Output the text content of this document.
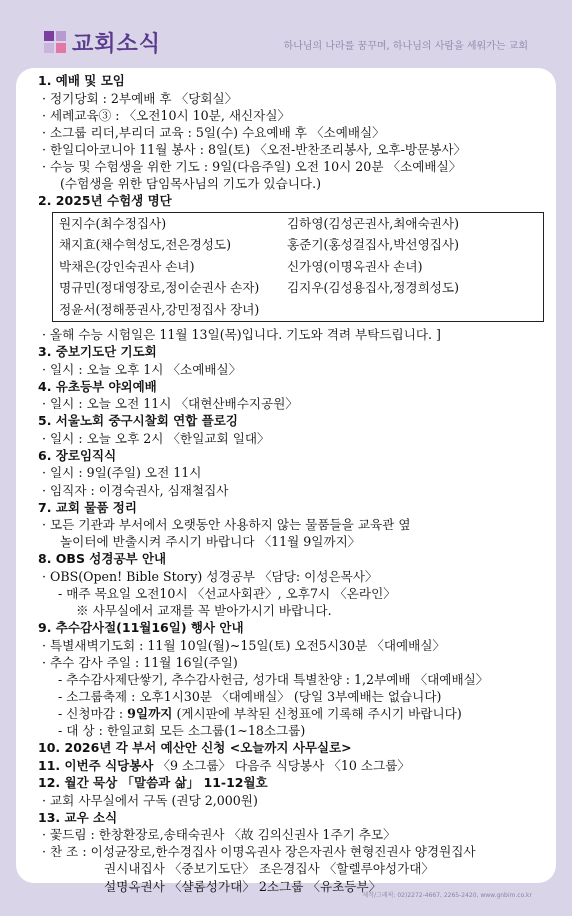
교회소식	하나님의 나라를 꿈꾸며, 하나님의 사람을 세워가는 교회
1. 예배 및 모임
· 정기당회 : 2부예배 후 〈당회실〉
· 세례교육③ : 〈오전10시 10분, 새신자실〉
· 소그룹 리더,부리더 교육 : 5일(수) 수요예배 후 〈소예배실〉
· 한일디아코니아 11월 봉사 : 8일(토) 〈오전-반찬조리봉사, 오후-방문봉사〉
· 수능 및 수험생을 위한 기도 : 9일(다음주일) 오전 10시 20분 〈소예배실〉
(수험생을 위한 담임목사님의 기도가 있습니다.)
2. 2025년 수험생 명단
원지수(최수정집사)	김하영(김성곤권사,최애숙권사)
채지효(채수혁성도,전은경성도)	홍준기(홍성걸집사,박선영집사)
박채은(강인숙권사 손녀)	신가영(이명옥권사 손녀)
명규민(정대영장로,정이순권사 손자)	김지우(김성용집사,정경희성도)
정윤서(정해풍권사,강민정집사 장녀)
· 올해 수능 시험일은 11월 13일(목)입니다. 기도와 격려 부탁드립니다. ]
3. 중보기도단 기도회
· 일시 : 오늘 오후 1시 〈소예배실〉
4. 유초등부 야외예배
· 일시 : 오늘 오전 11시 〈대현산배수지공원〉
5. 서울노회 중구시찰회 연합 플로깅
· 일시 : 오늘 오후 2시 〈한일교회 일대〉
6. 장로임직식
· 일시 : 9일(주일) 오전 11시
· 임직자 : 이경숙권사, 심재철집사
7. 교회 물품 정리
· 모든 기관과 부서에서 오랫동안 사용하지 않는 물품들을 교육관 옆
놀이터에 반출시켜 주시기 바랍니다 〈11월 9일까지〉
8. OBS 성경공부 안내
· OBS(Open! Bible Story) 성경공부 〈담당: 이성은목사〉
- 매주 목요일 오전10시 〈선교사회관〉, 오후7시 〈온라인〉
※ 사무실에서 교재를 꼭 받아가시기 바랍니다.
9. 추수감사절(11월16일) 행사 안내
· 특별새벽기도회 : 11월 10일(월)~15일(토) 오전5시30분 〈대예배실〉
· 추수 감사 주일 : 11월 16일(주일)
- 추수감사제단쌓기, 추수감사헌금, 성가대 특별찬양 : 1,2부예배 〈대예배실〉
- 소그룹축제 : 오후1시30분 〈대예배실〉 (당일 3부예배는 없습니다)
- 신청마감 : 9일까지 (게시판에 부착된 신청표에 기록해 주시기 바랍니다)
- 대 상 : 한일교회 모든 소그룹(1~18소그룹)
10. 2026년 각 부서 예산안 신청 <오늘까지 사무실로>
11. 이번주 식당봉사 〈9 소그룹〉 다음주 식당봉사 〈10 소그룹〉
12. 월간 묵상 「말씀과 삶」 11-12월호
· 교회 사무실에서 구독 (권당 2,000원)
13. 교우 소식
· 꽃드림 : 한창환장로,송태숙권사 〈故 김의신권사 1주기 추모〉
· 찬 조 : 이성균장로,한수경집사 이명옥권사 장은자권사 현형진권사 양경원집사
권시내집사 〈중보기도단〉 조은경집사 〈할렐루야성가대〉
설명옥권사 〈샬롬성가대〉 2소그룹 〈유초등부〉
제작/그래픽: 02)2272-4667, 2265-2420, www.gnbim.co.kr
